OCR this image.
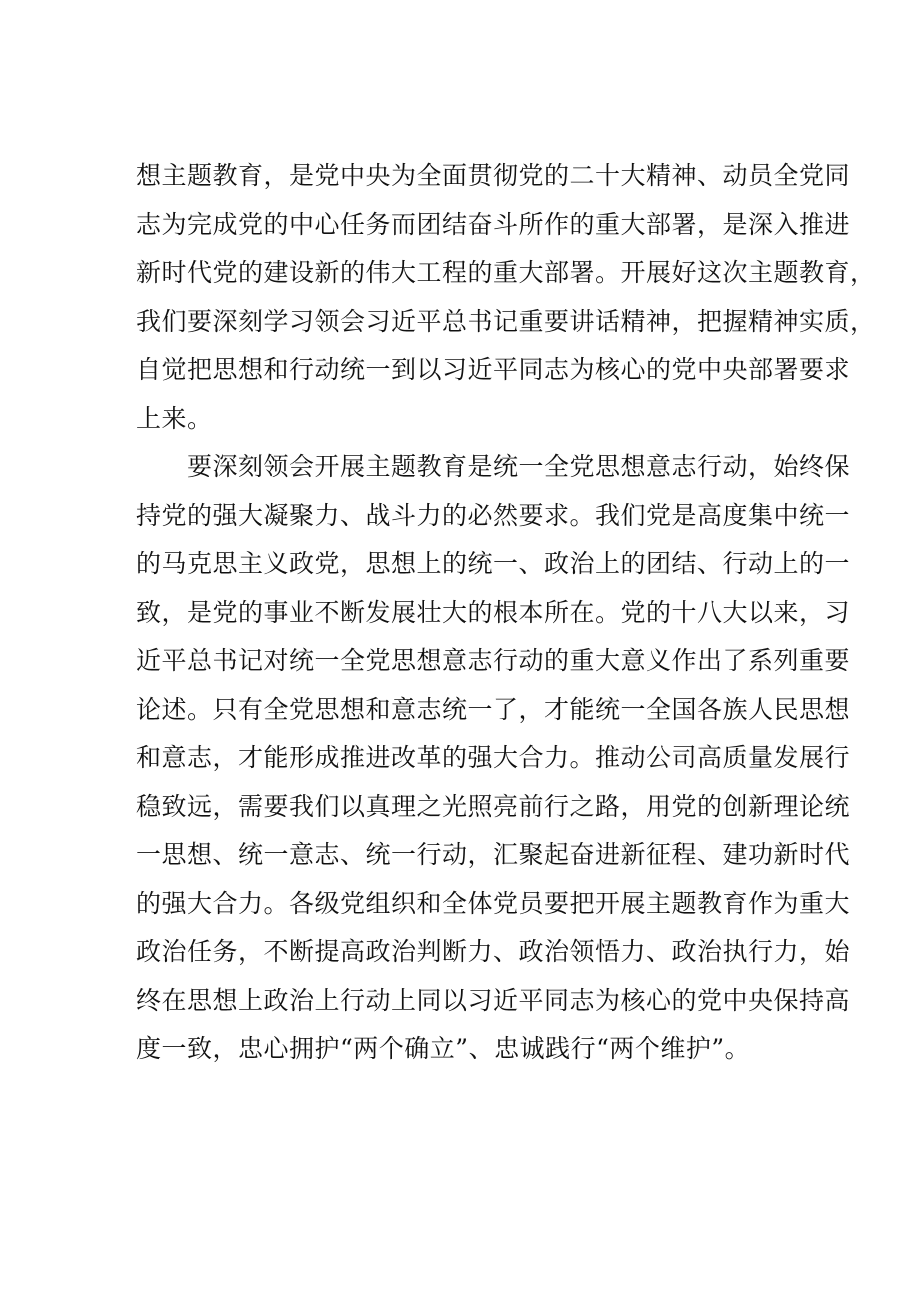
想主题教育，是党中央为全面贯彻党的二十大精神、动员全党同
志为完成党的中心任务而团结奋斗所作的重大部署，是深入推进
新时代党的建设新的伟大工程的重大部署。开展好这次主题教育，
我们要深刻学习领会习近平总书记重要讲话精神，把握精神实质，
自觉把思想和行动统一到以习近平同志为核心的党中央部署要求
上来。
　　要深刻领会开展主题教育是统一全党思想意志行动，始终保
持党的强大凝聚力、战斗力的必然要求。我们党是高度集中统一
的马克思主义政党，思想上的统一、政治上的团结、行动上的一
致，是党的事业不断发展壮大的根本所在。党的十八大以来，习
近平总书记对统一全党思想意志行动的重大意义作出了系列重要
论述。只有全党思想和意志统一了，才能统一全国各族人民思想
和意志，才能形成推进改革的强大合力。推动公司高质量发展行
稳致远，需要我们以真理之光照亮前行之路，用党的创新理论统
一思想、统一意志、统一行动，汇聚起奋进新征程、建功新时代
的强大合力。各级党组织和全体党员要把开展主题教育作为重大
政治任务，不断提高政治判断力、政治领悟力、政治执行力，始
终在思想上政治上行动上同以习近平同志为核心的党中央保持高
度一致，忠心拥护“两个确立”、忠诚践行“两个维护”。
